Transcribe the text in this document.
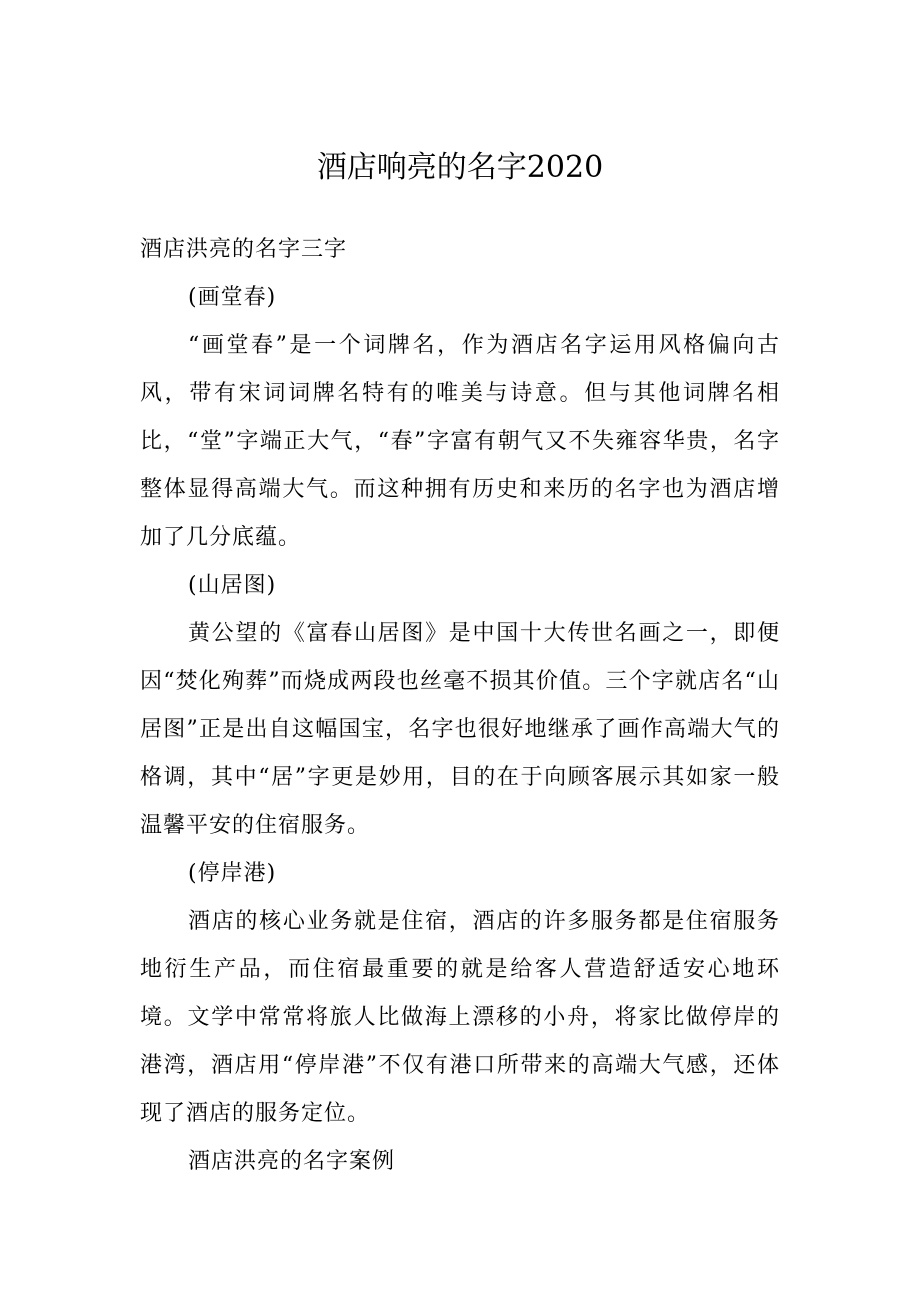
酒店响亮的名字2020

酒店洪亮的名字三字

(画堂春)

“画堂春”是一个词牌名，作为酒店名字运用风格偏向古风，带有宋词词牌名特有的唯美与诗意。但与其他词牌名相比，“堂”字端正大气，“春”字富有朝气又不失雍容华贵，名字整体显得高端大气。而这种拥有历史和来历的名字也为酒店增加了几分底蕴。

(山居图)

黄公望的《富春山居图》是中国十大传世名画之一，即便因“焚化殉葬”而烧成两段也丝毫不损其价值。三个字就店名“山居图”正是出自这幅国宝，名字也很好地继承了画作高端大气的格调，其中“居”字更是妙用，目的在于向顾客展示其如家一般温馨平安的住宿服务。

(停岸港)

酒店的核心业务就是住宿，酒店的许多服务都是住宿服务地衍生产品，而住宿最重要的就是给客人营造舒适安心地环境。文学中常常将旅人比做海上漂移的小舟，将家比做停岸的港湾，酒店用“停岸港”不仅有港口所带来的高端大气感，还体现了酒店的服务定位。

酒店洪亮的名字案例
